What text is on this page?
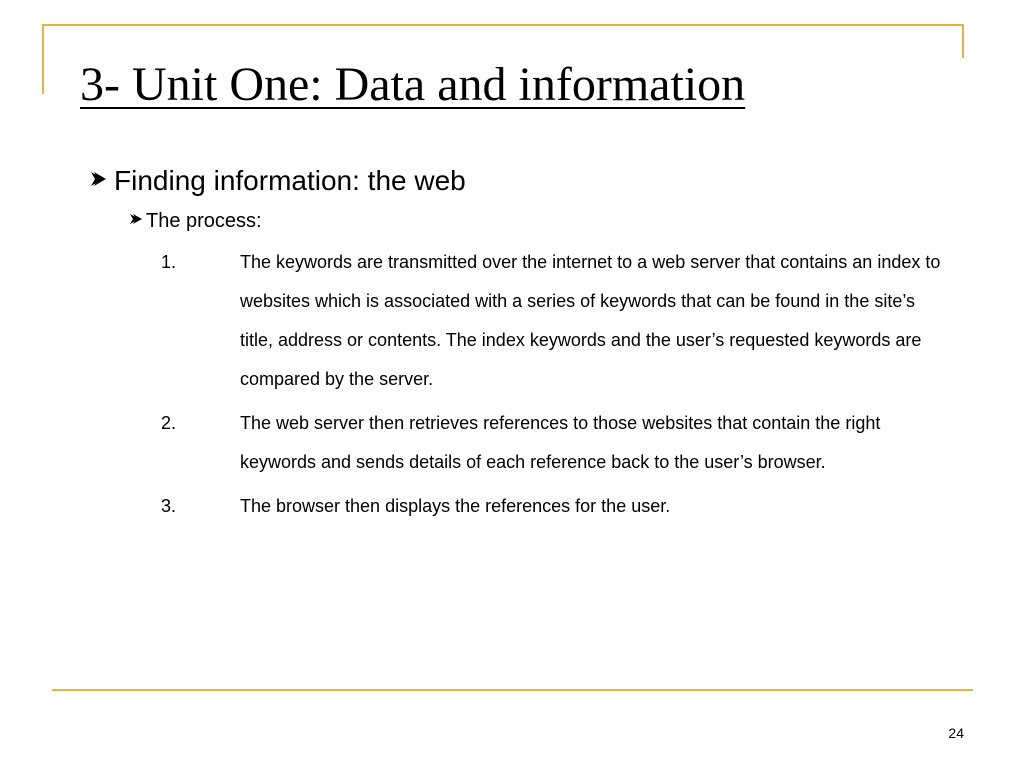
3- Unit One: Data and information
Finding information: the web
The process:
1.	The keywords are transmitted over the internet to a web server that contains an index to websites which is associated with a series of keywords that can be found in the site’s title, address or contents. The index keywords and the user’s requested keywords are compared by the server.
2.	The web server then retrieves references to those websites that contain the right keywords and sends details of each reference back to the user’s browser.
3.	The browser then displays the references for the user.
24
